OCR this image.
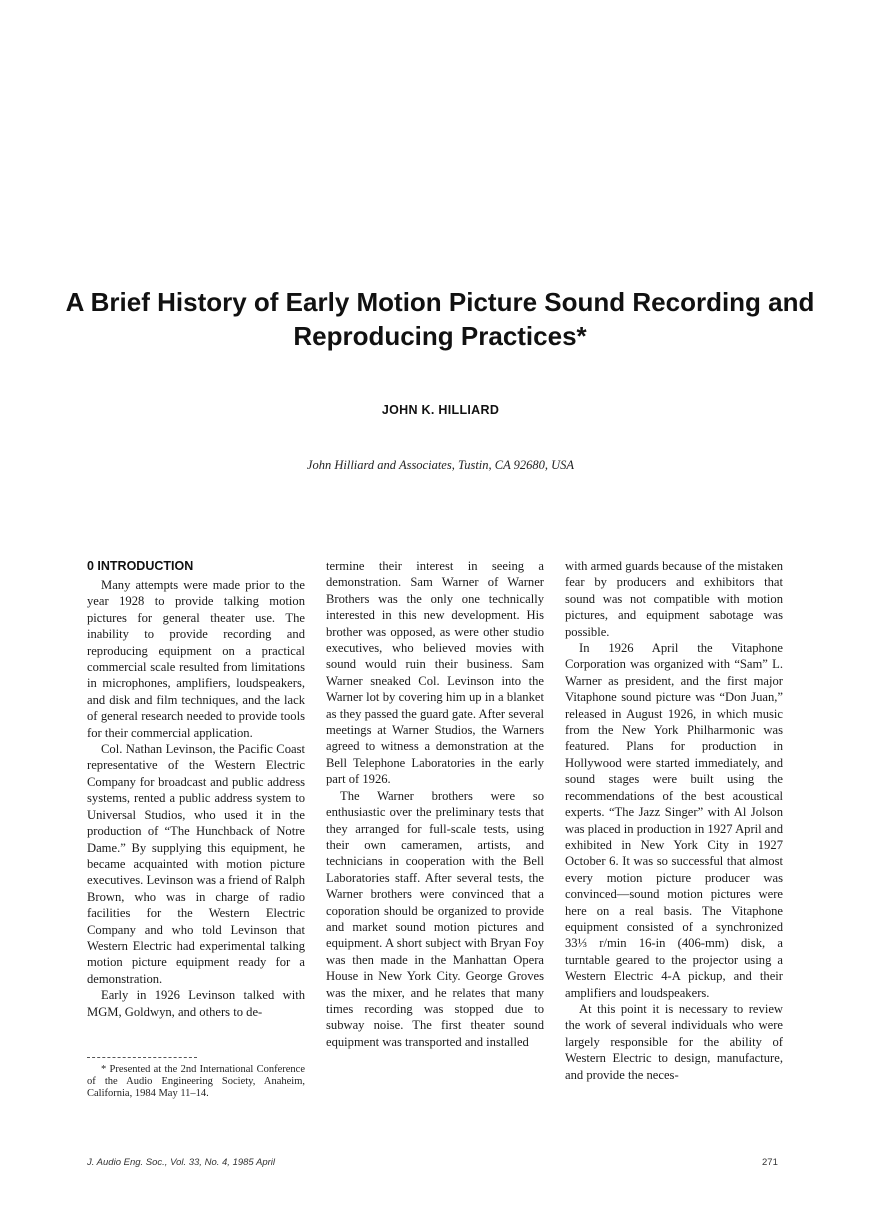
A Brief History of Early Motion Picture Sound Recording and Reproducing Practices*
JOHN K. HILLIARD
John Hilliard and Associates, Tustin, CA 92680, USA
0 INTRODUCTION

Many attempts were made prior to the year 1928 to provide talking motion pictures for general theater use. The inability to provide recording and reproducing equipment on a practical commercial scale resulted from limitations in microphones, amplifiers, loudspeakers, and disk and film techniques, and the lack of general research needed to provide tools for their commercial application.

Col. Nathan Levinson, the Pacific Coast representative of the Western Electric Company for broadcast and public address systems, rented a public address system to Universal Studios, who used it in the production of “The Hunchback of Notre Dame.” By supplying this equipment, he became acquainted with motion picture executives. Levinson was a friend of Ralph Brown, who was in charge of radio facilities for the Western Electric Company and who told Levinson that Western Electric had experimental talking motion picture equipment ready for a demonstration.

Early in 1926 Levinson talked with MGM, Goldwyn, and others to de-

termine their interest in seeing a demonstration. Sam Warner of Warner Brothers was the only one technically interested in this new development. His brother was opposed, as were other studio executives, who believed movies with sound would ruin their business. Sam Warner sneaked Col. Levinson into the Warner lot by covering him up in a blanket as they passed the guard gate. After several meetings at Warner Studios, the Warners agreed to witness a demonstration at the Bell Telephone Laboratories in the early part of 1926.

The Warner brothers were so enthusiastic over the preliminary tests that they arranged for full-scale tests, using their own cameramen, artists, and technicians in cooperation with the Bell Laboratories staff. After several tests, the Warner brothers were convinced that a coporation should be organized to provide and market sound motion pictures and equipment. A short subject with Bryan Foy was then made in the Manhattan Opera House in New York City. George Groves was the mixer, and he relates that many times recording was stopped due to subway noise. The first theater sound equipment was transported and installed

with armed guards because of the mistaken fear by producers and exhibitors that sound was not compatible with motion pictures, and equipment sabotage was possible.

In 1926 April the Vitaphone Corporation was organized with “Sam” L. Warner as president, and the first major Vitaphone sound picture was “Don Juan,” released in August 1926, in which music from the New York Philharmonic was featured. Plans for production in Hollywood were started immediately, and sound stages were built using the recommendations of the best acoustical experts. “The Jazz Singer” with Al Jolson was placed in production in 1927 April and exhibited in New York City in 1927 October 6. It was so successful that almost every motion picture producer was convinced—sound motion pictures were here on a real basis. The Vitaphone equipment consisted of a synchronized 33⅓ r/min 16-in (406-mm) disk, a turntable geared to the projector using a Western Electric 4-A pickup, and their amplifiers and loudspeakers.

At this point it is necessary to review the work of several individuals who were largely responsible for the ability of Western Electric to design, manufacture, and provide the neces-

* Presented at the 2nd International Conference of the Audio Engineering Society, Anaheim, California, 1984 May 11–14.
J. Audio Eng. Soc., Vol. 33, No. 4, 1985 April	271
